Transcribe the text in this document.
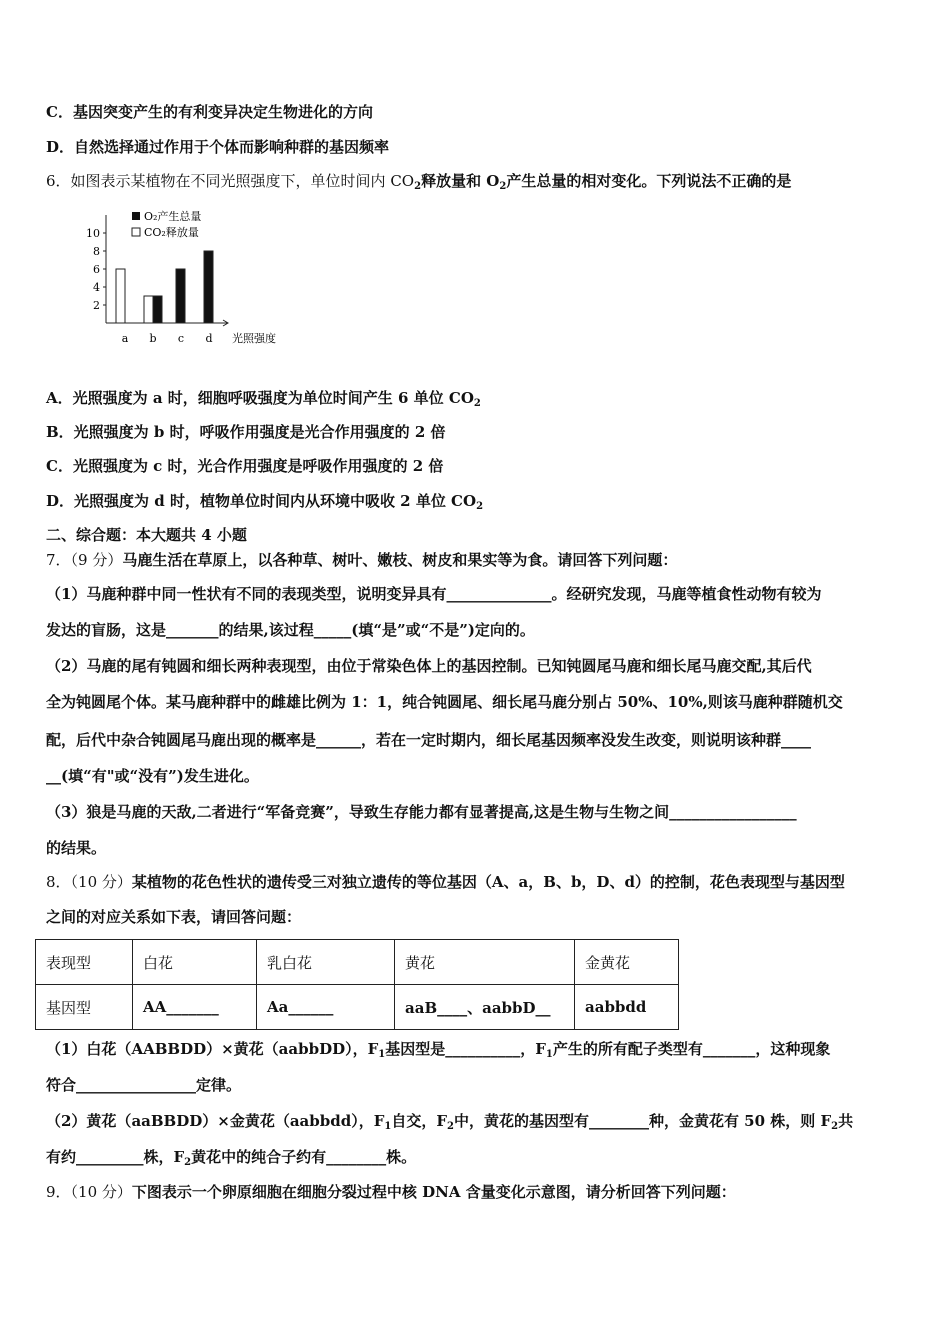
C．基因突变产生的有利变异决定生物进化的方向
D．自然选择通过作用于个体而影响种群的基因频率
6．如图表示某植物在不同光照强度下，单位时间内 $CO_2$释放量和 $O_2$产生总量的相对变化。下列说法不正确的是
2
4
6
8
10
a b c d
O₂产生总量
CO₂释放量
光照强度
A．光照强度为 a 时，细胞呼吸强度为单位时间产生 6 单位 $CO_2$
B．光照强度为 b 时，呼吸作用强度是光合作用强度的 2 倍
C．光照强度为 c 时，光合作用强度是呼吸作用强度的 2 倍
D．光照强度为 d 时，植物单位时间内从环境中吸收 2 单位 $CO_2$
二、综合题：本大题共 4 小题
7．（9 分）马鹿生活在草原上，以各种草、树叶、嫩枝、树皮和果实等为食。请回答下列问题：
（1）马鹿种群中同一性状有不同的表现类型，说明变异具有______________。经研究发现，马鹿等植食性动物有较为
发达的盲肠，这是_______的结果,该过程_____(填“是”或“不是”)定向的。
（2）马鹿的尾有钝圆和细长两种表现型，由位于常染色体上的基因控制。已知钝圆尾马鹿和细长尾马鹿交配,其后代
全为钝圆尾个体。某马鹿种群中的雌雄比例为 1：1，纯合钝圆尾、细长尾马鹿分别占 50%、10%,则该马鹿种群随机交
配，后代中杂合钝圆尾马鹿出现的概率是______，若在一定时期内，细长尾基因频率没发生改变，则说明该种群____
__(填“有"或“没有”)发生进化。
（3）狼是马鹿的天敌,二者进行“军备竞赛”，导致生存能力都有显著提高,这是生物与生物之间_________________
的结果。
8．（10 分）某植物的花色性状的遗传受三对独立遗传的等位基因（A、a，B、b，D、d）的控制，花色表现型与基因型
之间的对应关系如下表，请回答问题：
表现型	白花	乳白花	黄花	金黄花
基因型	AA_______	Aa______	aaB____、aabbD__	aabbdd
（1）白花（AABBDD）×黄花（aabbDD），$F_1$基因型是__________，$F_1$产生的所有配子类型有_______，这种现象
符合________________定律。
（2）黄花（aaBBDD）×金黄花（aabbdd），$F_1$自交，$F_2$中，黄花的基因型有________种，金黄花有 50 株，则 $F_2$共
有约_________株，$F_2$黄花中的纯合子约有________株。
9．（10 分）下图表示一个卵原细胞在细胞分裂过程中核 DNA 含量变化示意图，请分析回答下列问题：
